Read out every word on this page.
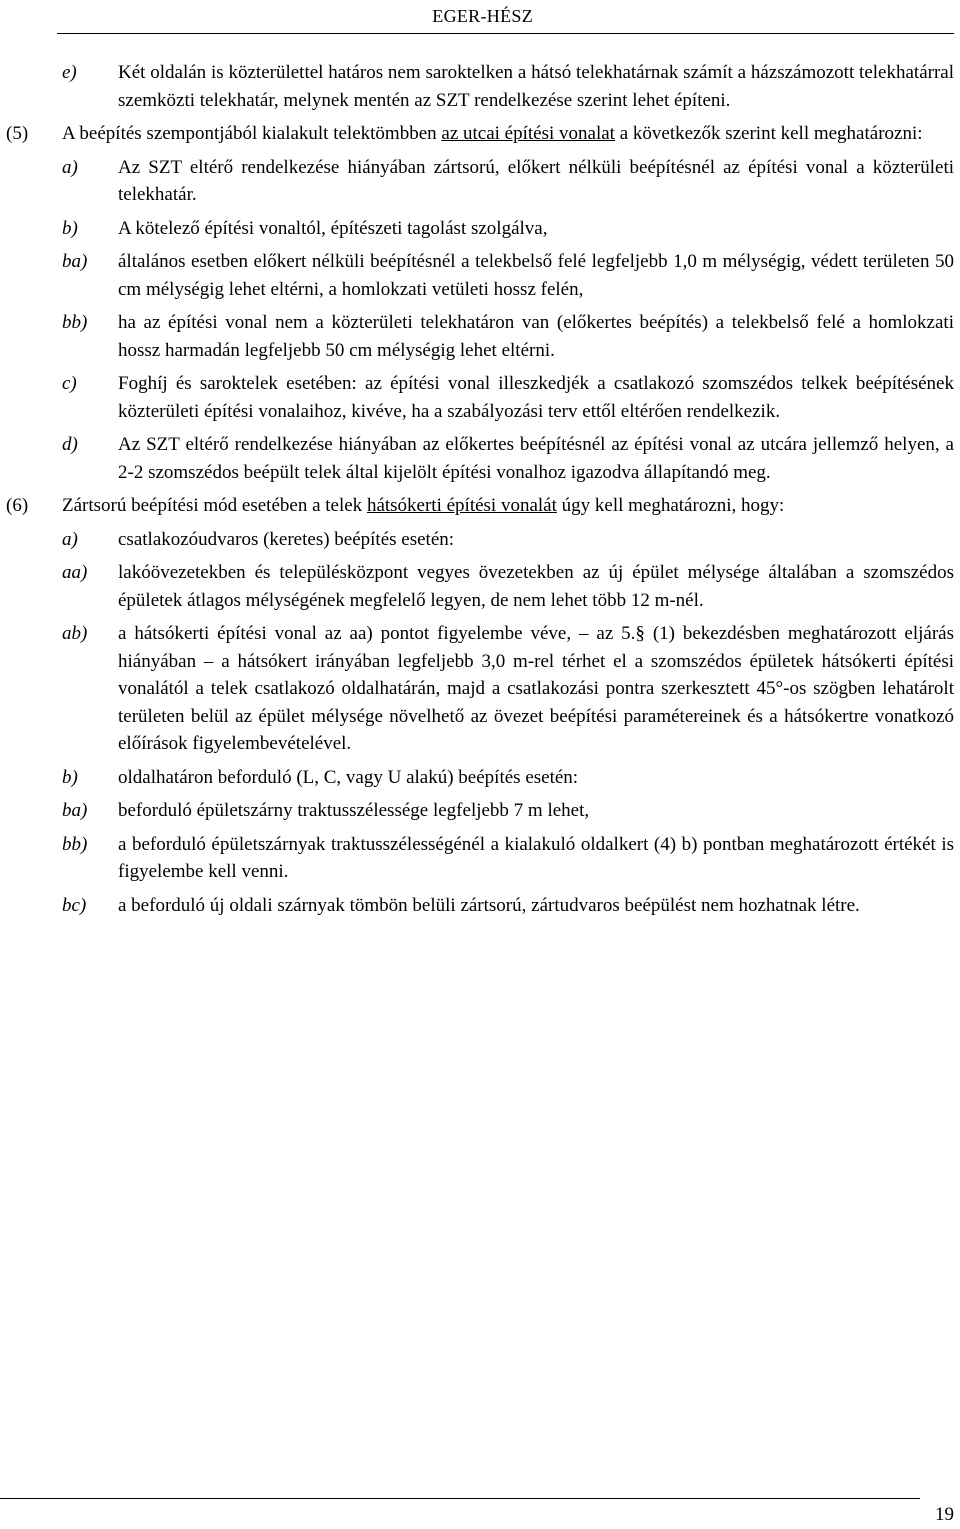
EGER-HÉSZ
e)	Két oldalán is közterülettel határos nem saroktelken a hátsó telekhatárnak számít a házszámozott telekhatárral szemközti telekhatár, melynek mentén az SZT rendelkezése szerint lehet építeni.
(5)	A beépítés szempontjából kialakult telektömbben az utcai építési vonalat a következők szerint kell meghatározni:
a)	Az SZT eltérő rendelkezése hiányában zártsorú, előkert nélküli beépítésnél az építési vonal a közterületi telekhatár.
b)	A kötelező építési vonaltól, építészeti tagolást szolgálva,
ba)	általános esetben előkert nélküli beépítésnél a telekbelső felé legfeljebb 1,0 m mélységig, védett területen 50 cm mélységig lehet eltérni, a homlokzati vetületi hossz felén,
bb)	ha az építési vonal nem a közterületi telekhatáron van (előkertes beépítés) a telekbelső felé a homlokzati hossz harmadán legfeljebb 50 cm mélységig lehet eltérni.
c)	Foghíj és saroktelek esetében: az építési vonal illeszkedjék a csatlakozó szomszédos telkek beépítésének közterületi építési vonalaihoz, kivéve, ha a szabályozási terv ettől eltérően rendelkezik.
d)	Az SZT eltérő rendelkezése hiányában az előkertes beépítésnél az építési vonal az utcára jellemző helyen, a 2-2 szomszédos beépült telek által kijelölt építési vonalhoz igazodva állapítandó meg.
(6)	Zártsorú beépítési mód esetében a telek hátsókerti építési vonalát úgy kell meghatározni, hogy:
a)	csatlakozóudvaros (keretes) beépítés esetén:
aa)	lakóövezetekben és településközpont vegyes övezetekben az új épület mélysége általában a szomszédos épületek átlagos mélységének megfelelő legyen, de nem lehet több 12 m-nél.
ab)	a hátsókerti építési vonal az aa) pontot figyelembe véve, – az 5.§ (1) bekezdésben meghatározott eljárás hiányában – a hátsókert irányában legfeljebb 3,0 m-rel térhet el a szomszédos épületek hátsókerti építési vonalától a telek csatlakozó oldalhatárán, majd a csatlakozási pontra szerkesztett 45°-os szögben lehatárolt területen belül az épület mélysége növelhető az övezet beépítési paramétereinek és a hátsókertre vonatkozó előírások figyelembevételével.
b)	oldalhatáron beforduló (L, C, vagy U alakú) beépítés esetén:
ba)	beforduló épületszárny traktusszélessége legfeljebb 7 m lehet,
bb)	a beforduló épületszárnyak traktusszélességénél a kialakuló oldalkert (4) b) pontban meghatározott értékét is figyelembe kell venni.
bc)	a beforduló új oldali szárnyak tömbön belüli zártsorú, zártudvaros beépülést nem hozhatnak létre.
19
